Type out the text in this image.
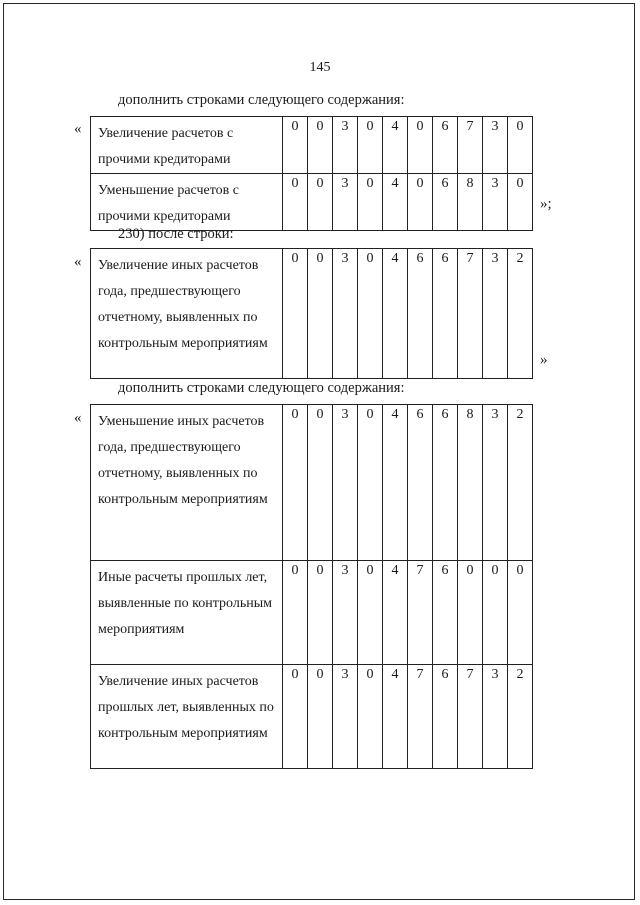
145
дополнить строками следующего содержания:
« Увеличение расчетов с прочими кредиторами	0	0	3	0	4	0	6	7	3	0
Уменьшение расчетов с прочими кредиторами	0	0	3	0	4	0	6	8	3	0
»;
230) после строки:
« Увеличение иных расчетов года, предшествующего отчетному, выявленных по контрольным мероприятиям	0	0	3	0	4	6	6	7	3	2
»
дополнить строками следующего содержания:
« Уменьшение иных расчетов года, предшествующего отчетному, выявленных по контрольным мероприятиям	0	0	3	0	4	6	6	8	3	2
Иные расчеты прошлых лет, выявленные по контрольным мероприятиям	0	0	3	0	4	7	6	0	0	0
Увеличение иных расчетов прошлых лет, выявленных по контрольным мероприятиям	0	0	3	0	4	7	6	7	3	2
